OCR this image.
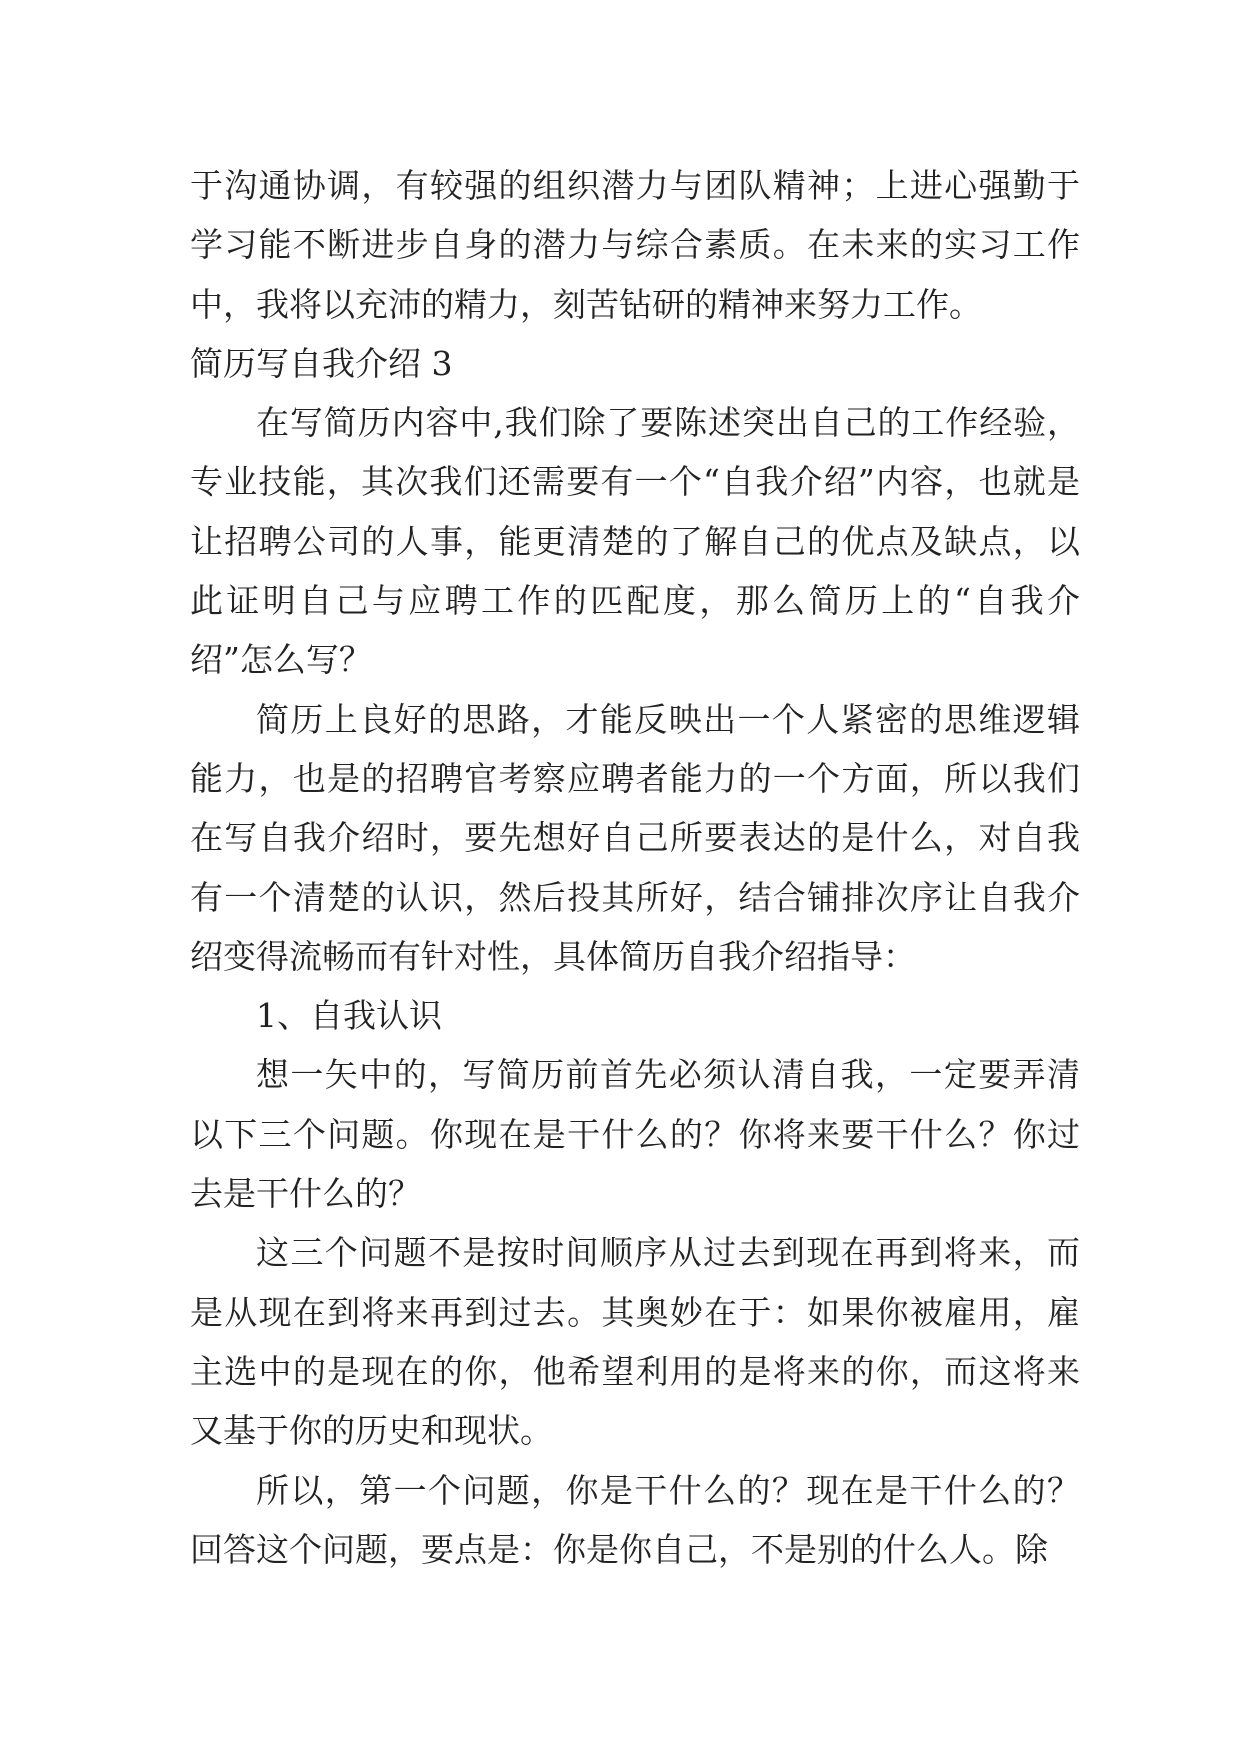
于沟通协调，有较强的组织潜力与团队精神；上进心强勤于学习能不断进步自身的潜力与综合素质。在未来的实习工作中，我将以充沛的精力，刻苦钻研的精神来努力工作。

简历写自我介绍 3

在写简历内容中,我们除了要陈述突出自己的工作经验，专业技能，其次我们还需要有一个“自我介绍”内容，也就是让招聘公司的人事，能更清楚的了解自己的优点及缺点，以此证明自己与应聘工作的匹配度，那么简历上的“自我介绍”怎么写？

简历上良好的思路，才能反映出一个人紧密的思维逻辑能力，也是的招聘官考察应聘者能力的一个方面，所以我们在写自我介绍时，要先想好自己所要表达的是什么，对自我有一个清楚的认识，然后投其所好，结合铺排次序让自我介绍变得流畅而有针对性，具体简历自我介绍指导：

1、自我认识

想一矢中的，写简历前首先必须认清自我，一定要弄清以下三个问题。你现在是干什么的？你将来要干什么？你过去是干什么的？

这三个问题不是按时间顺序从过去到现在再到将来，而是从现在到将来再到过去。其奥妙在于：如果你被雇用，雇主选中的是现在的你，他希望利用的是将来的你，而这将来又基于你的历史和现状。

所以，第一个问题，你是干什么的？现在是干什么的？回答这个问题，要点是：你是你自己，不是别的什么人。除
